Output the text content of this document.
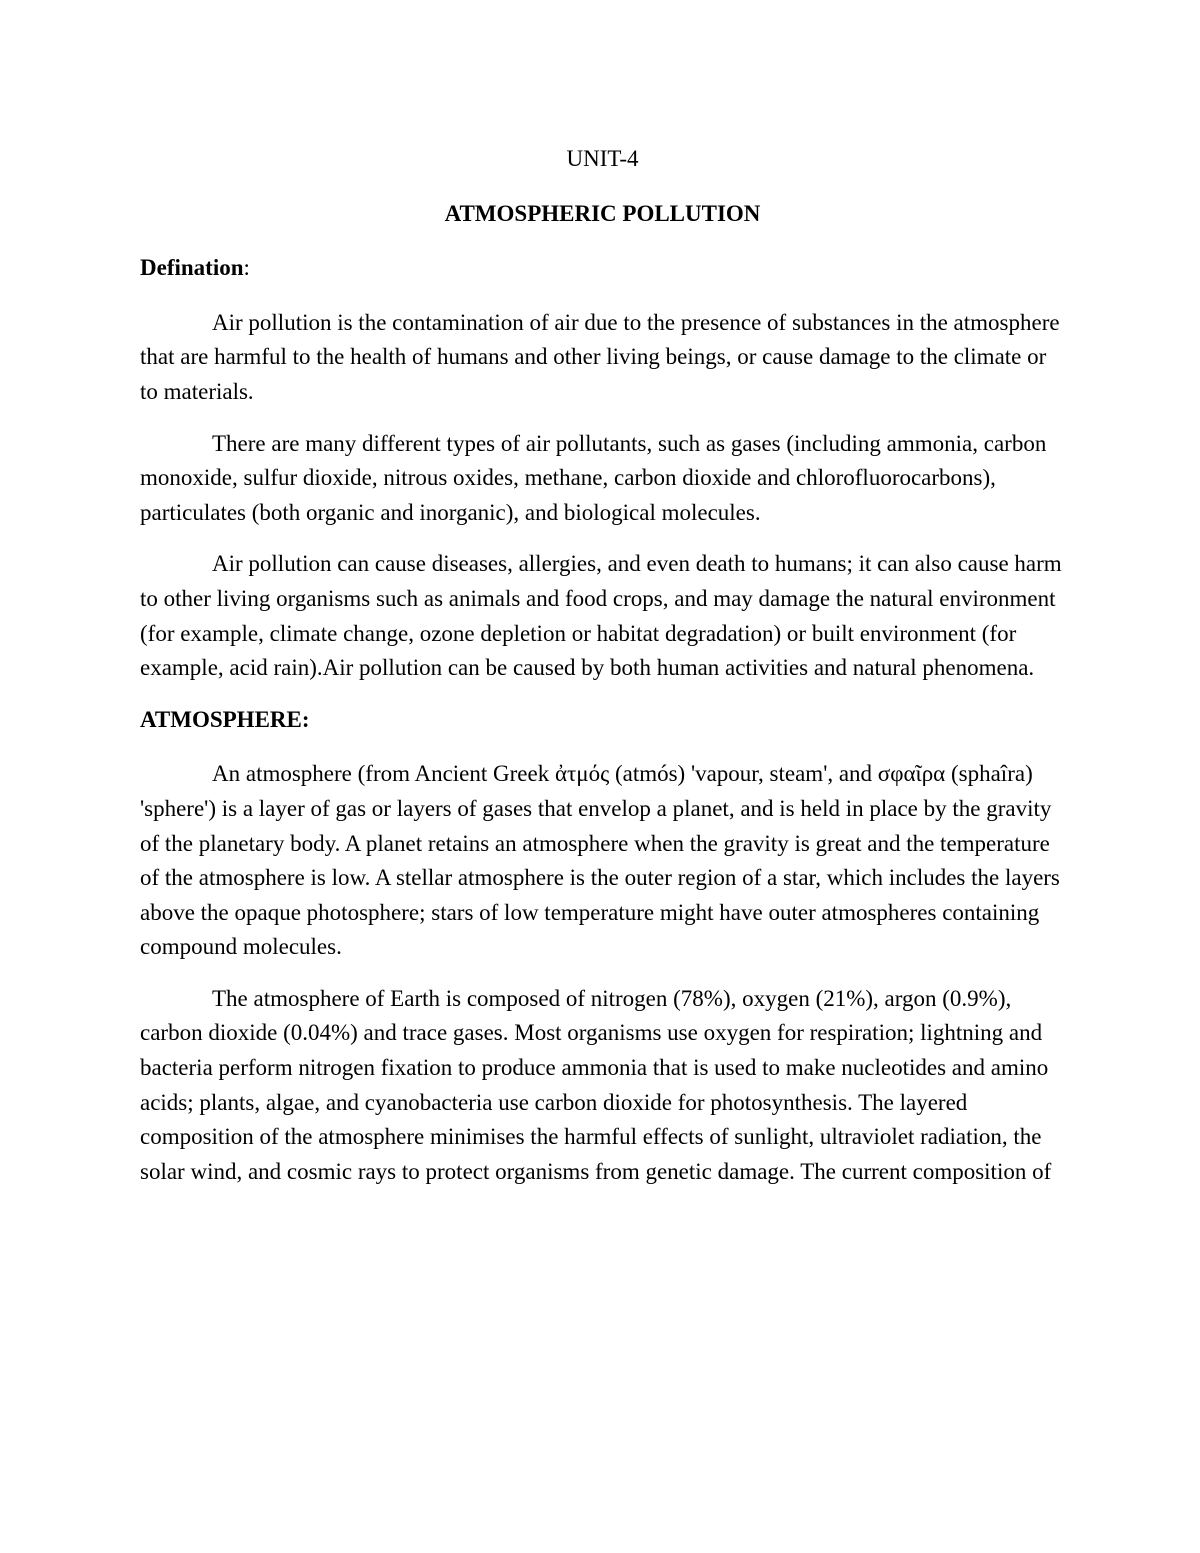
UNIT-4

ATMOSPHERIC POLLUTION

Defination:

Air pollution is the contamination of air due to the presence of substances in the atmosphere that are harmful to the health of humans and other living beings, or cause damage to the climate or to materials.

There are many different types of air pollutants, such as gases (including ammonia, carbon monoxide, sulfur dioxide, nitrous oxides, methane, carbon dioxide and chlorofluorocarbons), particulates (both organic and inorganic), and biological molecules.

Air pollution can cause diseases, allergies, and even death to humans; it can also cause harm to other living organisms such as animals and food crops, and may damage the natural environment (for example, climate change, ozone depletion or habitat degradation) or built environment (for example, acid rain).Air pollution can be caused by both human activities and natural phenomena.

ATMOSPHERE:

An atmosphere (from Ancient Greek ἀτμός (atmós) 'vapour, steam', and σφαῖρα (sphaîra) 'sphere') is a layer of gas or layers of gases that envelop a planet, and is held in place by the gravity of the planetary body. A planet retains an atmosphere when the gravity is great and the temperature of the atmosphere is low. A stellar atmosphere is the outer region of a star, which includes the layers above the opaque photosphere; stars of low temperature might have outer atmospheres containing compound molecules.

The atmosphere of Earth is composed of nitrogen (78%), oxygen (21%), argon (0.9%), carbon dioxide (0.04%) and trace gases. Most organisms use oxygen for respiration; lightning and bacteria perform nitrogen fixation to produce ammonia that is used to make nucleotides and amino acids; plants, algae, and cyanobacteria use carbon dioxide for photosynthesis. The layered composition of the atmosphere minimises the harmful effects of sunlight, ultraviolet radiation, the solar wind, and cosmic rays to protect organisms from genetic damage. The current composition of
